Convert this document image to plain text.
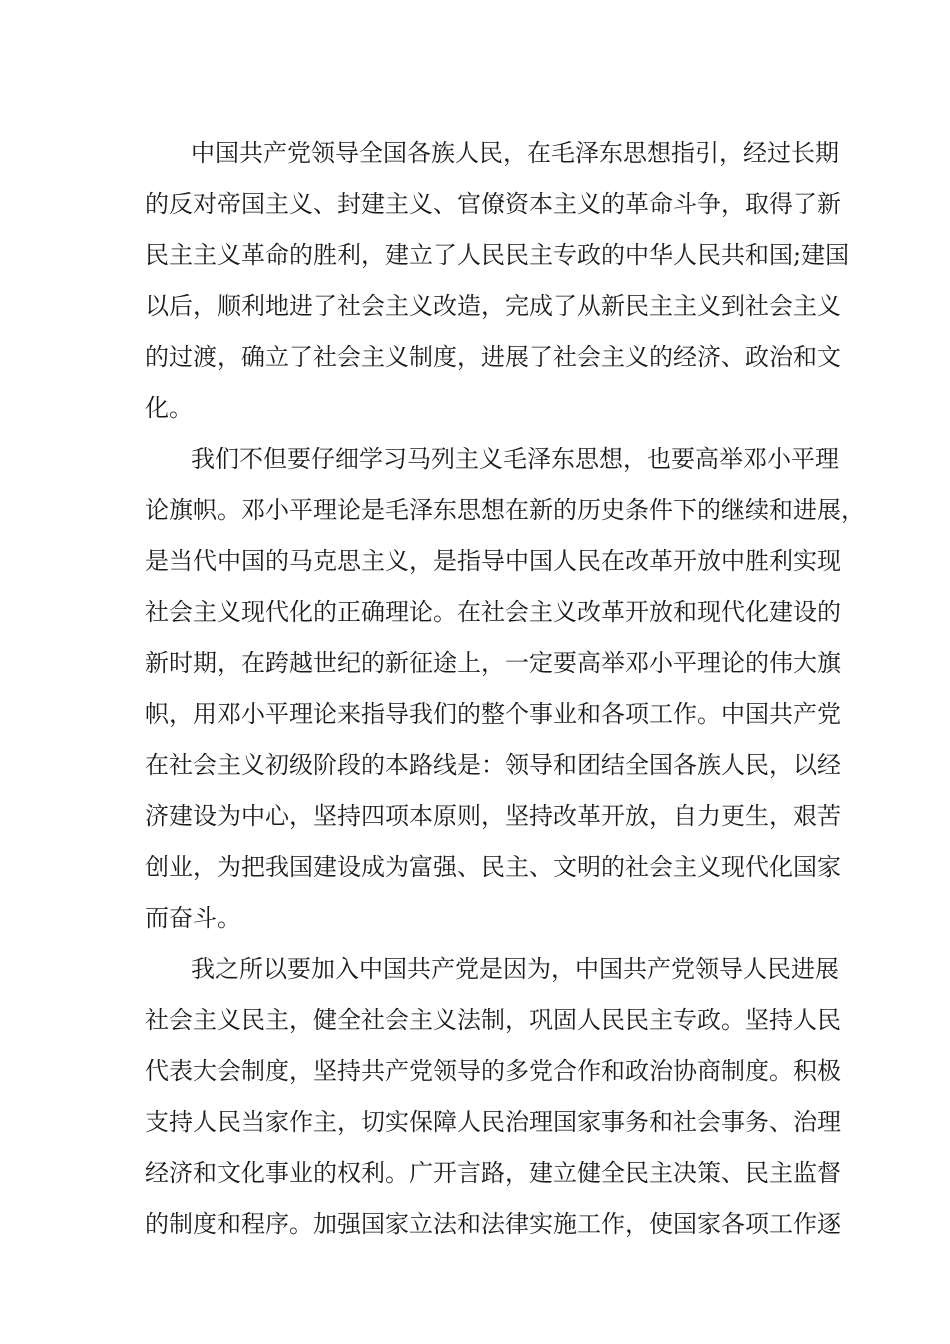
中国共产党领导全国各族人民，在毛泽东思想指引，经过长期
的反对帝国主义、封建主义、官僚资本主义的革命斗争，取得了新
民主主义革命的胜利，建立了人民民主专政的中华人民共和国;建国
以后，顺利地进了社会主义改造，完成了从新民主主义到社会主义
的过渡，确立了社会主义制度，进展了社会主义的经济、政治和文
化。
我们不但要仔细学习马列主义毛泽东思想，也要高举邓小平理
论旗帜。邓小平理论是毛泽东思想在新的历史条件下的继续和进展，
是当代中国的马克思主义，是指导中国人民在改革开放中胜利实现
社会主义现代化的正确理论。在社会主义改革开放和现代化建设的
新时期，在跨越世纪的新征途上，一定要高举邓小平理论的伟大旗
帜，用邓小平理论来指导我们的整个事业和各项工作。中国共产党
在社会主义初级阶段的本路线是：领导和团结全国各族人民，以经
济建设为中心，坚持四项本原则，坚持改革开放，自力更生，艰苦
创业，为把我国建设成为富强、民主、文明的社会主义现代化国家
而奋斗。
我之所以要加入中国共产党是因为，中国共产党领导人民进展
社会主义民主，健全社会主义法制，巩固人民民主专政。坚持人民
代表大会制度，坚持共产党领导的多党合作和政治协商制度。积极
支持人民当家作主，切实保障人民治理国家事务和社会事务、治理
经济和文化事业的权利。广开言路，建立健全民主决策、民主监督
的制度和程序。加强国家立法和法律实施工作，使国家各项工作逐
